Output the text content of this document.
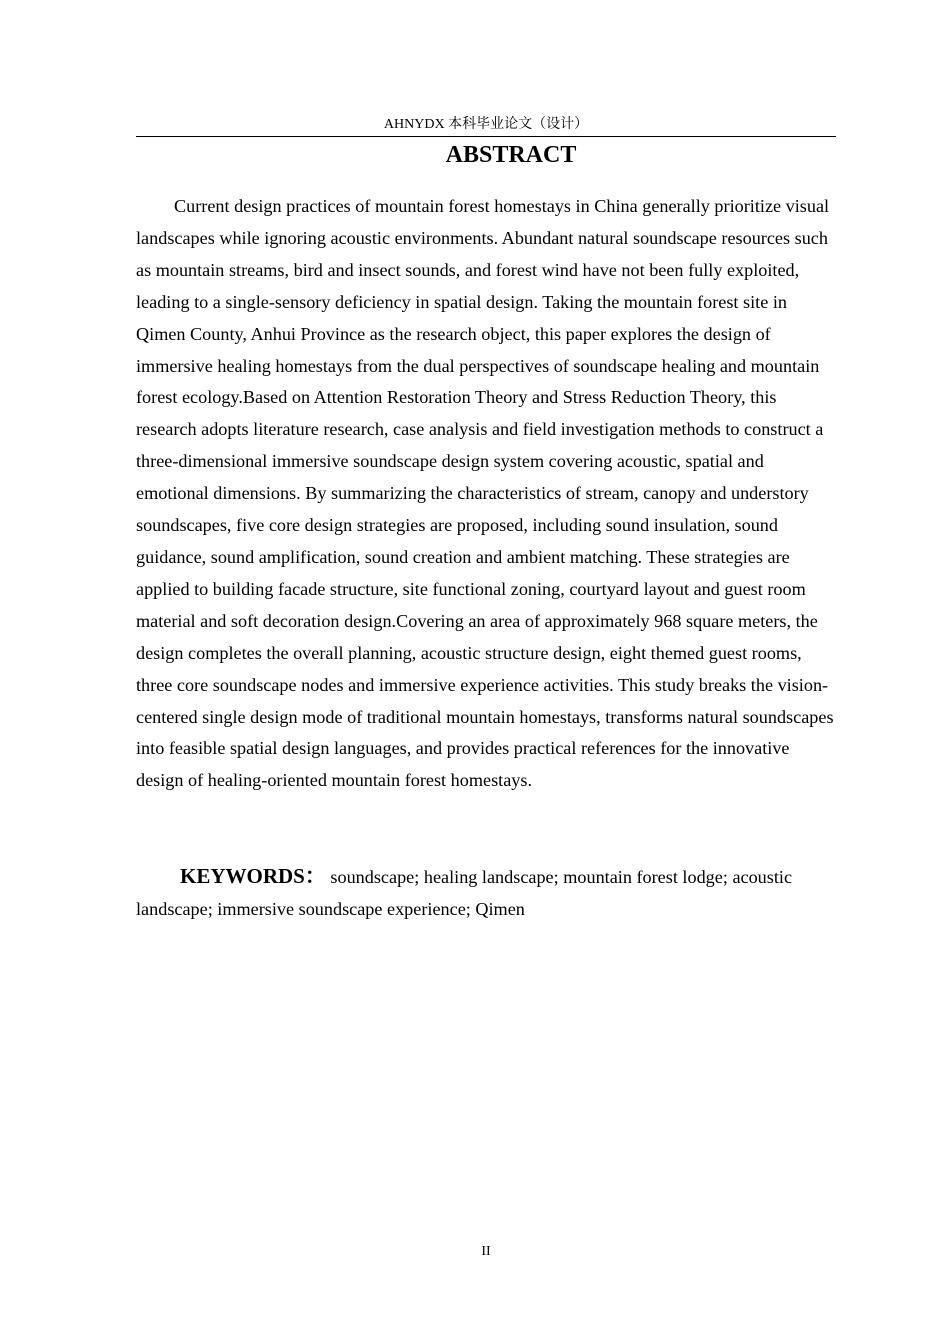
AHNYDX 本科毕业论文（设计）
ABSTRACT

Current design practices of mountain forest homestays in China generally prioritize visual landscapes while ignoring acoustic environments. Abundant natural soundscape resources such as mountain streams, bird and insect sounds, and forest wind have not been fully exploited, leading to a single-sensory deficiency in spatial design. Taking the mountain forest site in Qimen County, Anhui Province as the research object, this paper explores the design of immersive healing homestays from the dual perspectives of soundscape healing and mountain forest ecology.Based on Attention Restoration Theory and Stress Reduction Theory, this research adopts literature research, case analysis and field investigation methods to construct a three-dimensional immersive soundscape design system covering acoustic, spatial and emotional dimensions. By summarizing the characteristics of stream, canopy and understory soundscapes, five core design strategies are proposed, including sound insulation, sound guidance, sound amplification, sound creation and ambient matching. These strategies are applied to building facade structure, site functional zoning, courtyard layout and guest room material and soft decoration design.Covering an area of approximately 968 square meters, the design completes the overall planning, acoustic structure design, eight themed guest rooms, three core soundscape nodes and immersive experience activities. This study breaks the vision-centered single design mode of traditional mountain homestays, transforms natural soundscapes into feasible spatial design languages, and provides practical references for the innovative design of healing-oriented mountain forest homestays.

KEYWORDS： soundscape; healing landscape; mountain forest lodge; acoustic landscape; immersive soundscape experience; Qimen

II
